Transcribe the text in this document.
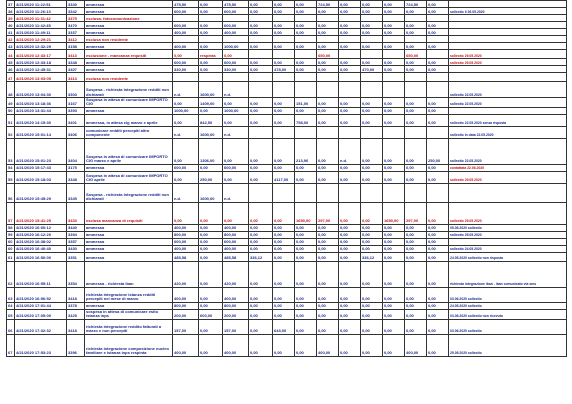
37	4/21/2020 11:22:51	3340	ammessa	475,50	0,00	475,50	0,00	0,00	0,00	724,50	0,00	0,00	0,00	724,50	0,00	
38	4/21/2020 11:26:13	3342	ammessa	600,00	0,00	600,00	0,00	0,00	0,00	0,00	0,00	0,00	0,00	0,00	0,00	sollecito il 26.05.2020
39	4/21/2020 11:31:42	3375	esclusa- fotocomunicazione													
40	4/21/2020 11:42:45	3470	ammessa	600,00	0,00	600,00	0,00	0,00	0,00	0,00	0,00	0,00	0,00	0,00	0,00	
41	4/21/2020 11:49:11	3337	ammessa	400,00	0,00	400,00	0,00	0,00	0,00	0,00	0,00	0,00	0,00	0,00	0,00	
42	4/21/2020 12:29:21	3412	esclusa non residente													
43	4/21/2020 12:32:29	3158	ammessa	400,00	0,00	1000,00	0,00	0,00	0,00	0,00	0,00	0,00	0,00	0,00	0,00	
44	4/21/2020 12:33:17	3413	esclusione - mancanza requisiti	0,00	respinta	0,00				650,00				650,00		sollecito 29.05.2020
45	4/21/2020 12:33:18	3348	ammessa	600,00	0,00	600,00	0,00	0,00	0,00	0,00	0,00	0,00	0,00	0,00	0,00	sollecito 29.05.2020
46	4/21/2020 12:45:31	3407	ammessa	330,00	0,00	330,00	0,00	478,00	0,00	0,00	0,00	470,00	0,00	0,00	0,00	
47	4/21/2020 13:03:05	3413	esclusa non residente													
48	4/21/2020 13:04:30	3303	Sospesa - richiesta integrazione redditi non dichiarati	n.d.	1600,00	n.d.										sollecito 22.05.2020
49	4/21/2020 13:18:36	3167	Sospesa in attesa di comunicare IMPORTO CIG	0,00	1409,00	0,00	0,00	0,00	151,00	0,00	0,00	0,00	0,00	0,00	0,00	sollecito 22.05.2020
50	4/21/2020 13:31:44	3393	ammessa	1000,00	0,00	1000,00	0,00	0,00	0,00	0,00	0,00	0,00	0,00	0,00	0,00	
51	4/21/2020 14:15:30	3401	ammessa, in attesa cig marzo e aprile	0,00	842,50	0,00	0,00	0,00	758,00	0,00	0,00	0,00	0,00	0,00	0,00	sollecito 22.05.2020 senza risposta
52	4/21/2020 15:01:14	3406	comunicare redditi percepiti altro componente	n.d.	1600,00	n.d.										sollecito in data 22.05.2020
53	4/21/2020 15:01:23	3404	Sospesa in attesa di comunicare IMPORTO CIG marzo e aprile	0,00	1306,00	0,00	0,00	0,00	213,96	0,00	n.d.	0,00	0,00	0,00	250,00	sollecito 22.05.2020
54	4/21/2020 15:17:43	3175	ammessa	600,00	0,00	600,00	0,00	0,00	0,00	0,00	0,00	0,00	0,00	0,00	0,00	contattata 22.06.2020
55	4/21/2020 15:18:03	3348	Sospesa in attesa di comunicare IMPORTO CIG aprile	0,00	250,00	0,00	0,00	4117,00	0,00	0,00	0,00	0,00	0,00	0,00	0,00	sollecito 29.05.2020
56	4/21/2020 15:45:29	3345	Sospesa - richiesta integrazione redditi non dichiarati	n.d.	1600,00	n.d.										
57	4/21/2020 15:41:25	3433	esclusa mancanza di requisiti	0,00	0,00	0,00	0,00	0,00	1650,00	297,00	0,00	0,00	1650,00	297,00	0,00	sollecito 29.05.2020
58	4/21/2020 16:00:12	3440	ammessa	400,00	0,00	400,00	0,00	0,00	0,00	0,00	0,00	0,00	0,00	0,00	0,00	05.06.2020 sollecito
59	4/21/2020 16:12:20	3394	ammessa	800,00	0,00	800,00	0,00	0,00	0,00	0,00	0,00	0,00	0,00	0,00	0,00	sollecito 25.05.2020
60	4/21/2020 16:38:02	3357	ammessa	600,00	0,00	600,00	0,00	0,00	0,00	0,00	0,00	0,00	0,00	0,00	0,00	
60	4/21/2020 16:40:40	3430	ammessa	400,00	0,00	400,00	0,00	0,00	0,00	0,00	0,00	0,00	0,00	0,00	0,00	sollecito 24.05.2020
61	4/21/2020 16:50:00	3351	ammessa	485,58	0,00	485,58	336,12	0,00	0,00	0,00	0,00	336,12	0,00	0,00	0,00	24.05.2020 sollecito non risposta
62	4/21/2020 16:55:11	3354	ammessa - richiesta iban	420,00	0,00	420,00	0,00	0,00	0,00	0,00	0,00	0,00	0,00	0,00	0,00	richiesta integrazione iban - iban comunicato via sms
63	4/21/2020 16:56:52	3418	richiesta integrazione istanza redditi percepiti nel mese di marzo	400,00	0,00	400,00	0,00	0,00	0,00	0,00	0,00	0,00	0,00	0,00	0,00	03.06.2020 sollecito
64	4/21/2020 17:01:44	3378	ammessa	800,00	0,00	800,00	0,00	0,00	0,00	0,00	0,00	0,00	0,00	0,00	0,00	24.05.2020 sollecito
65	4/21/2020 17:05:00	3425	sospesa in attesa di comunicare esito istanza inps	200,00	600,00	200,00	0,00	0,00	0,00	0,00	0,00	0,00	0,00	0,00	0,00	03.06.2020 sollecito non ricevuto
66	4/21/2020 17:32:32	3418	richiesta integrazione reddito fatturati a marzo e non percepiti	157,00	0,00	157,00	0,00	643,00	0,00	0,00	0,00	0,00	0,00	0,00	0,00	03.06.2020 sollecito
67	4/21/2020 17:53:23	3396	richiesta integrazione composizione nucleo familiare e istanza inps respinta	400,00	0,00	400,00	0,00	0,00	0,00	400,00	0,00	0,00	0,00	400,00	0,00	25.05.2020 sollecito
